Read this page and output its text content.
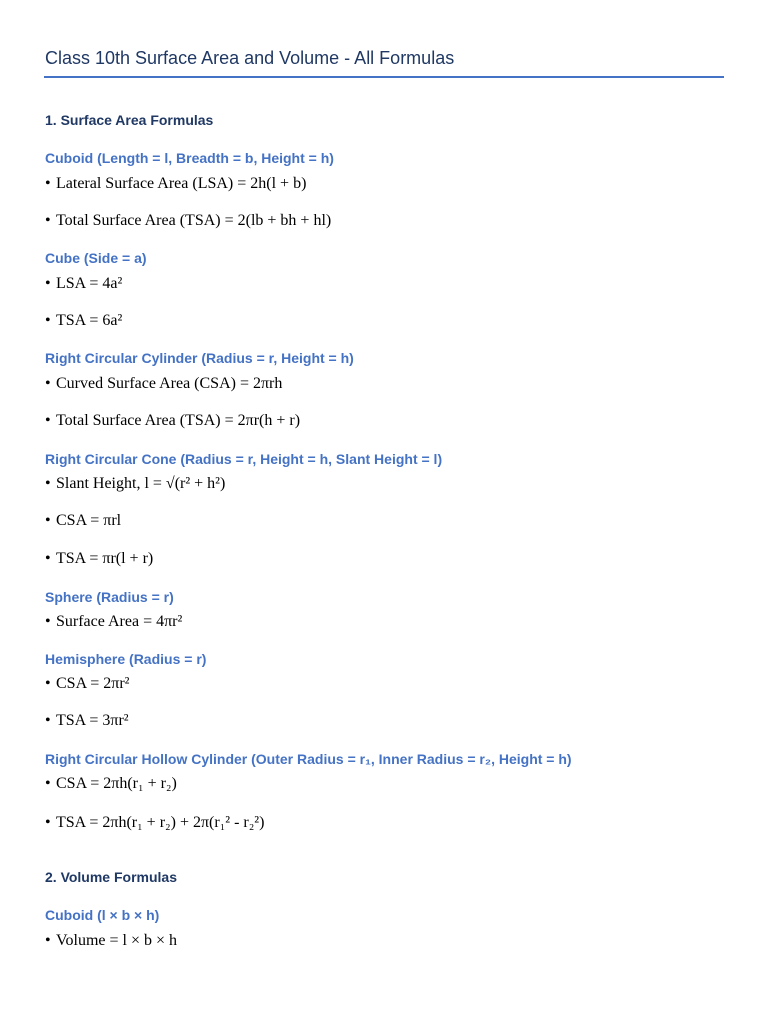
Class 10th Surface Area and Volume - All Formulas
1. Surface Area Formulas
Cuboid (Length = l, Breadth = b, Height = h)
• Lateral Surface Area (LSA) = 2h(l + b)
• Total Surface Area (TSA) = 2(lb + bh + hl)
Cube (Side = a)
• LSA = 4a²
• TSA = 6a²
Right Circular Cylinder (Radius = r, Height = h)
• Curved Surface Area (CSA) = 2πrh
• Total Surface Area (TSA) = 2πr(h + r)
Right Circular Cone (Radius = r, Height = h, Slant Height = l)
• Slant Height, l = √(r² + h²)
• CSA = πrl
• TSA = πr(l + r)
Sphere (Radius = r)
• Surface Area = 4πr²
Hemisphere (Radius = r)
• CSA = 2πr²
• TSA = 3πr²
Right Circular Hollow Cylinder (Outer Radius = r₁, Inner Radius = r₂, Height = h)
• CSA = 2πh(r₁ + r₂)
• TSA = 2πh(r₁ + r₂) + 2π(r₁² - r₂²)
2. Volume Formulas
Cuboid (l × b × h)
• Volume = l × b × h
